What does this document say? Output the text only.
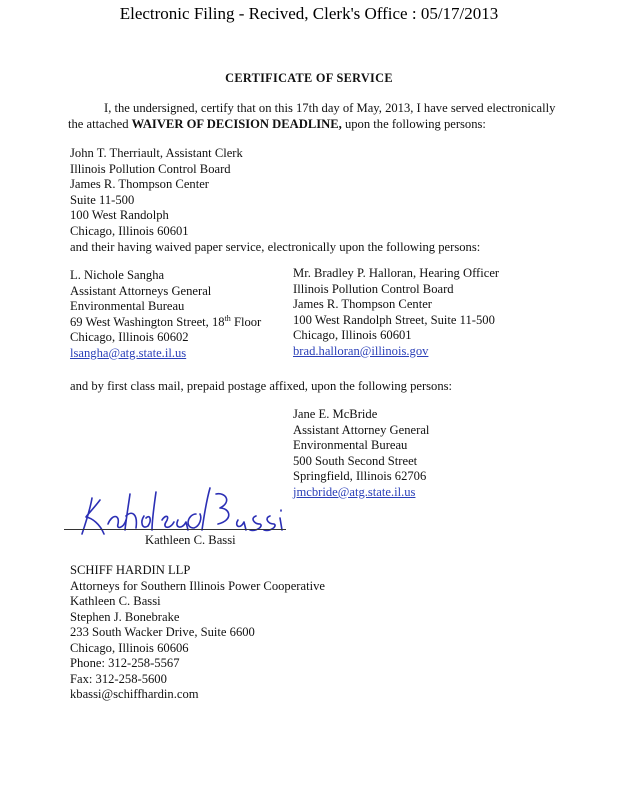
Electronic Filing - Recived, Clerk's Office : 05/17/2013
CERTIFICATE OF SERVICE
I, the undersigned, certify that on this 17th day of May, 2013, I have served electronically
the attached WAIVER OF DECISION DEADLINE, upon the following persons:
John T. Therriault, Assistant Clerk
Illinois Pollution Control Board
James R. Thompson Center
Suite 11-500
100 West Randolph
Chicago, Illinois 60601
and their having waived paper service, electronically upon the following persons:
L. Nichole Sangha
Assistant Attorneys General
Environmental Bureau
69 West Washington Street, 18th Floor
Chicago, Illinois 60602
lsangha@atg.state.il.us
Mr. Bradley P. Halloran, Hearing Officer
Illinois Pollution Control Board
James R. Thompson Center
100 West Randolph Street, Suite 11-500
Chicago, Illinois 60601
brad.halloran@illinois.gov
and by first class mail, prepaid postage affixed, upon the following persons:
Jane E. McBride
Assistant Attorney General
Environmental Bureau
500 South Second Street
Springfield, Illinois 62706
jmcbride@atg.state.il.us
Kathleen C. Bassi
SCHIFF HARDIN LLP
Attorneys for Southern Illinois Power Cooperative
Kathleen C. Bassi
Stephen J. Bonebrake
233 South Wacker Drive, Suite 6600
Chicago, Illinois 60606
Phone: 312-258-5567
Fax: 312-258-5600
kbassi@schiffhardin.com
